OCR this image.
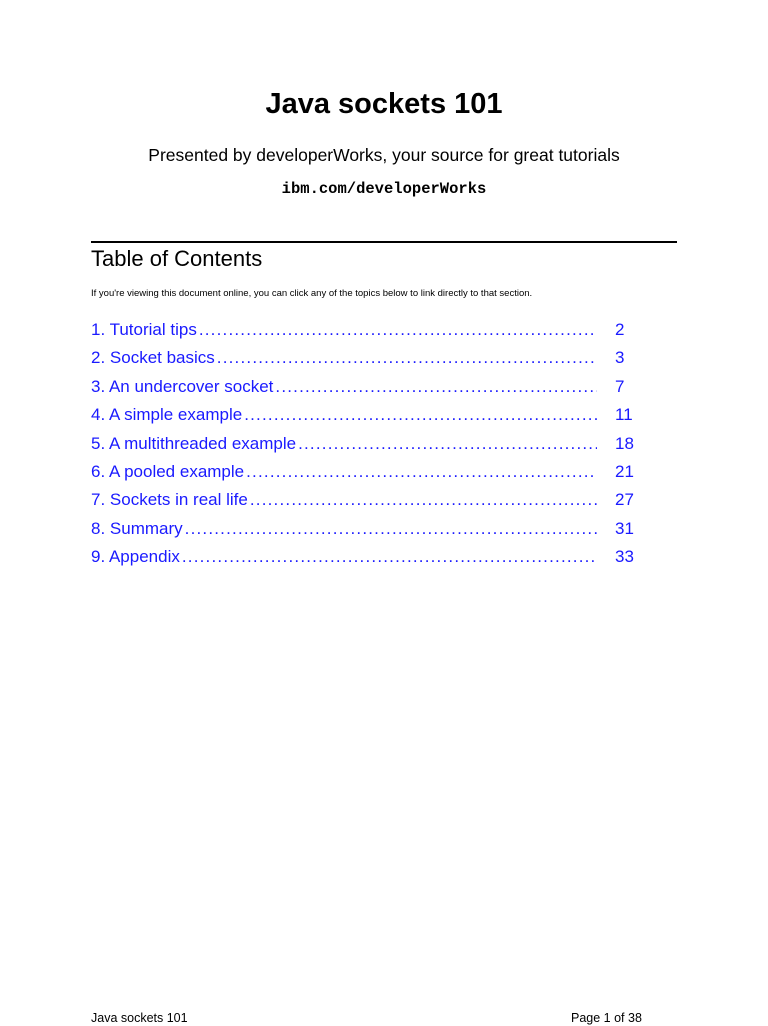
Java sockets 101
Presented by developerWorks, your source for great tutorials
ibm.com/developerWorks
Table of Contents
If you're viewing this document online, you can click any of the topics below to link directly to that section.
1. Tutorial tips .....	2
2. Socket basics .....	3
3. An undercover socket .....	7
4. A simple example .....	11
5. A multithreaded example .....	18
6. A pooled example .....	21
7. Sockets in real life .....	27
8. Summary .....	31
9. Appendix .....	33
Java sockets 101	Page 1 of 38
